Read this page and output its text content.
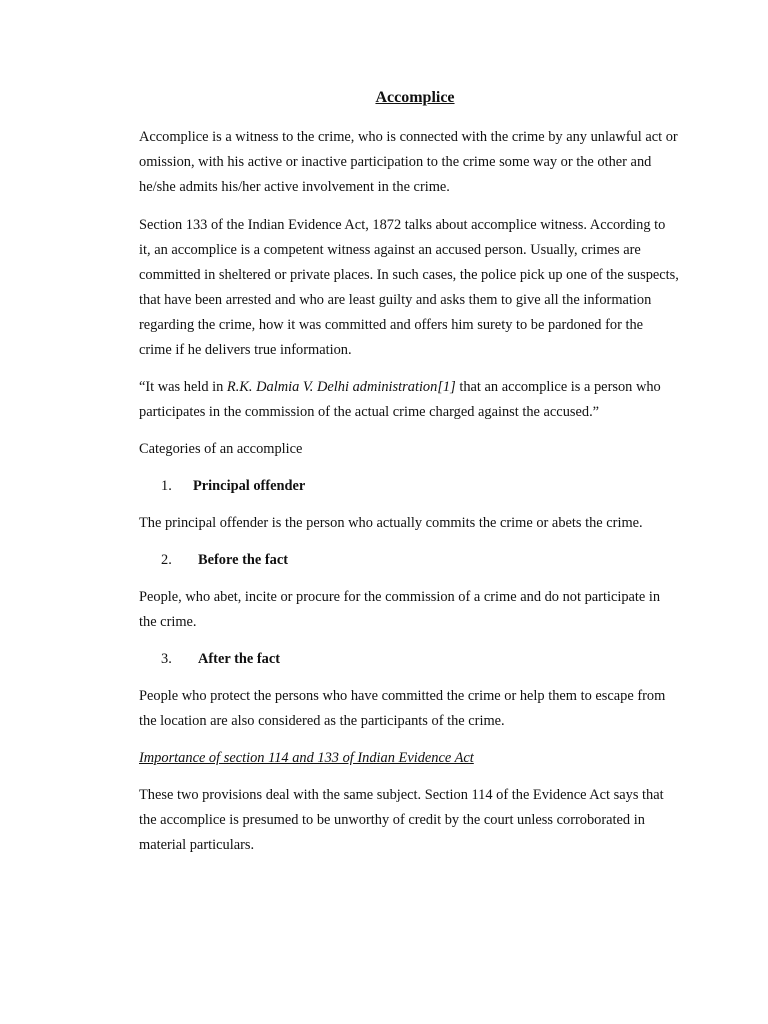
Accomplice

Accomplice is a witness to the crime, who is connected with the crime by any unlawful act or omission, with his active or inactive participation to the crime some way or the other and he/she admits his/her active involvement in the crime.

Section 133 of the Indian Evidence Act, 1872 talks about accomplice witness. According to it, an accomplice is a competent witness against an accused person. Usually, crimes are committed in sheltered or private places. In such cases, the police pick up one of the suspects, that have been arrested and who are least guilty and asks them to give all the information regarding the crime, how it was committed and offers him surety to be pardoned for the crime if he delivers true information.

“It was held in R.K. Dalmia V. Delhi administration[1] that an accomplice is a person who participates in the commission of the actual crime charged against the accused.”

Categories of an accomplice

1.	Principal offender

The principal offender is the person who actually commits the crime or abets the crime.

2.	Before the fact

People, who abet, incite or procure for the commission of a crime and do not participate in the crime.

3.	After the fact

People who protect the persons who have committed the crime or help them to escape from the location are also considered as the participants of the crime.

Importance of section 114 and 133 of Indian Evidence Act

These two provisions deal with the same subject. Section 114 of the Evidence Act says that the accomplice is presumed to be unworthy of credit by the court unless corroborated in material particulars.
